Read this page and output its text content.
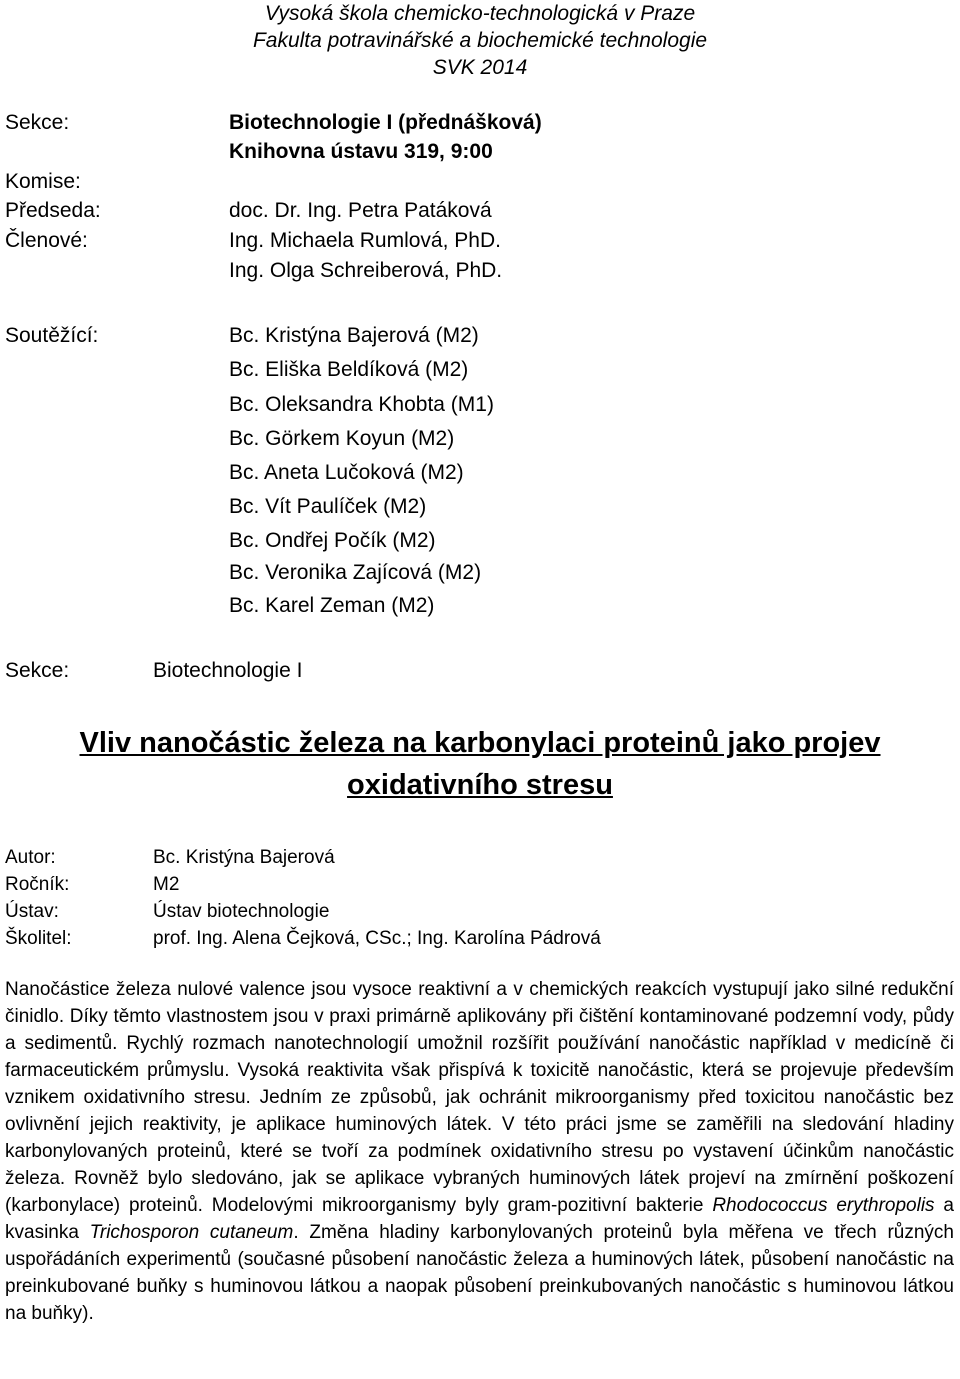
Vysoká škola chemicko-technologická v Praze
Fakulta potravinářské a biochemické technologie
SVK 2014
Sekce:	Biotechnologie I (přednášková)
Knihovna ústavu 319, 9:00
Komise:
Předseda:	doc. Dr. Ing. Petra Patáková
Členové:	Ing. Michaela Rumlová, PhD.
Ing. Olga Schreiberová, PhD.
Soutěžící:	Bc. Kristýna Bajerová (M2)
Bc. Eliška Beldíková (M2)
Bc. Oleksandra Khobta (M1)
Bc. Görkem Koyun (M2)
Bc. Aneta Lučoková (M2)
Bc. Vít Paulíček (M2)
Bc. Ondřej Počík (M2)
Bc. Veronika Zajícová (M2)
Bc. Karel Zeman (M2)
Sekce:	Biotechnologie I
Vliv nanočástic železa na karbonylaci proteinů jako projev
oxidativního stresu
Autor:	Bc. Kristýna Bajerová
Ročník:	M2
Ústav:	Ústav biotechnologie
Školitel:	prof. Ing. Alena Čejková, CSc.; Ing. Karolína Pádrová
Nanočástice železa nulové valence jsou vysoce reaktivní a v chemických reakcích vystupují jako silné redukční činidlo. Díky těmto vlastnostem jsou v praxi primárně aplikovány při čištění kontaminované podzemní vody, půdy a sedimentů. Rychlý rozmach nanotechnologií umožnil rozšířit používání nanočástic například v medicíně či farmaceutickém průmyslu. Vysoká reaktivita však přispívá k toxicitě nanočástic, která se projevuje především vznikem oxidativního stresu. Jedním ze způsobů, jak ochránit mikroorganismy před toxicitou nanočástic bez ovlivnění jejich reaktivity, je aplikace huminových látek. V této práci jsme se zaměřili na sledování hladiny karbonylovaných proteinů, které se tvoří za podmínek oxidativního stresu po vystavení účinkům nanočástic železa. Rovněž bylo sledováno, jak se aplikace vybraných huminových látek projeví na zmírnění poškození (karbonylace) proteinů. Modelovými mikroorganismy byly gram-pozitivní bakterie Rhodococcus erythropolis a kvasinka Trichosporon cutaneum. Změna hladiny karbonylovaných proteinů byla měřena ve třech různých uspořádáních experimentů (současné působení nanočástic železa a huminových látek, působení nanočástic na preinkubované buňky s huminovou látkou a naopak působení preinkubovaných nanočástic s huminovou látkou na buňky).
